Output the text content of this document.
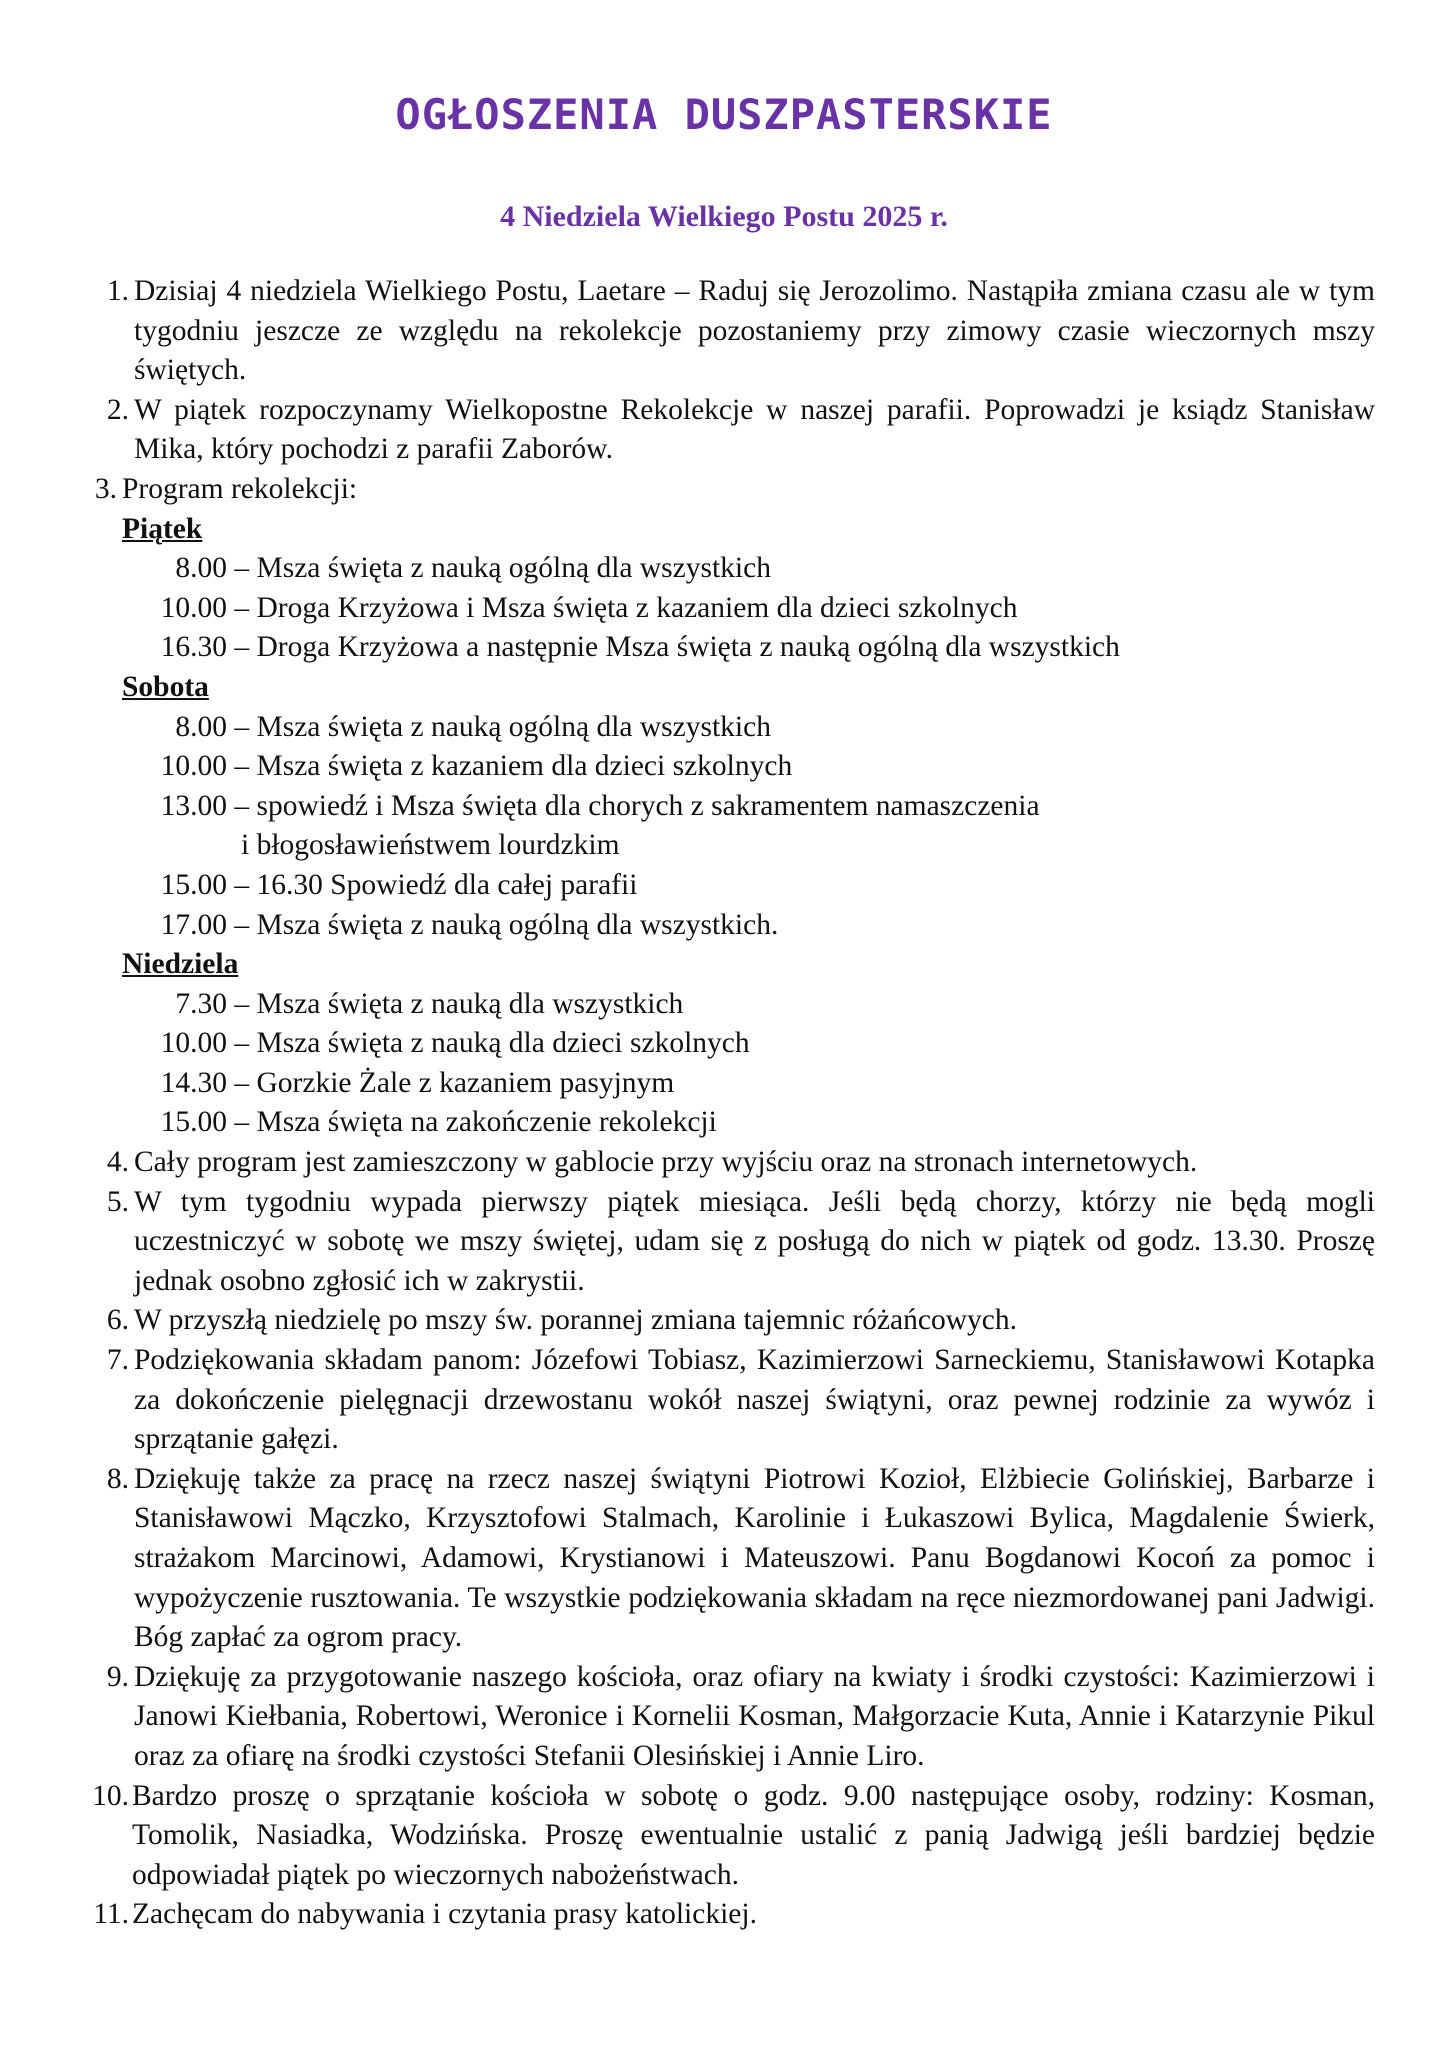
OGŁOSZENIA DUSZPASTERSKIE
4 Niedziela Wielkiego Postu 2025 r.
1. Dzisiaj 4 niedziela Wielkiego Postu, Laetare – Raduj się Jerozolimo. Nastąpiła zmiana czasu ale w tym tygodniu jeszcze ze względu na rekolekcje pozostaniemy przy zimowy czasie wieczornych mszy świętych.
2. W piątek rozpoczynamy Wielkopostne Rekolekcje w naszej parafii. Poprowadzi je ksiądz Stanisław Mika, który pochodzi z parafii Zaborów.
3. Program rekolekcji:
Piątek
8.00 – Msza święta z nauką ogólną dla wszystkich
10.00 – Droga Krzyżowa i Msza święta z kazaniem dla dzieci szkolnych
16.30 – Droga Krzyżowa a następnie Msza święta z nauką ogólną dla wszystkich
Sobota
8.00 – Msza święta z nauką ogólną dla wszystkich
10.00 – Msza święta z kazaniem dla dzieci szkolnych
13.00 – spowiedź i Msza święta dla chorych z sakramentem namaszczenia
i błogosławieństwem lourdzkim
15.00 – 16.30 Spowiedź dla całej parafii
17.00 – Msza święta z nauką ogólną dla wszystkich.
Niedziela
7.30 – Msza święta z nauką dla wszystkich
10.00 – Msza święta z nauką dla dzieci szkolnych
14.30 – Gorzkie Żale z kazaniem pasyjnym
15.00 – Msza święta na zakończenie rekolekcji
4. Cały program jest zamieszczony w gablocie przy wyjściu oraz na stronach internetowych.
5. W tym tygodniu wypada pierwszy piątek miesiąca. Jeśli będą chorzy, którzy nie będą mogli uczestniczyć w sobotę we mszy świętej, udam się z posługą do nich w piątek od godz. 13.30. Proszę jednak osobno zgłosić ich w zakrystii.
6. W przyszłą niedzielę po mszy św. porannej zmiana tajemnic różańcowych.
7. Podziękowania składam panom: Józefowi Tobiasz, Kazimierzowi Sarneckiemu, Stanisławowi Kotapka za dokończenie pielęgnacji drzewostanu wokół naszej świątyni, oraz pewnej rodzinie za wywóz i sprzątanie gałęzi.
8. Dziękuję także za pracę na rzecz naszej świątyni Piotrowi Kozioł, Elżbiecie Golińskiej, Barbarze i Stanisławowi Mączko, Krzysztofowi Stalmach, Karolinie i Łukaszowi Bylica, Magdalenie Świerk, strażakom Marcinowi, Adamowi, Krystianowi i Mateuszowi. Panu Bogdanowi Kocoń za pomoc i wypożyczenie rusztowania. Te wszystkie podziękowania składam na ręce niezmordowanej pani Jadwigi. Bóg zapłać za ogrom pracy.
9. Dziękuję za przygotowanie naszego kościoła, oraz ofiary na kwiaty i środki czystości: Kazimierzowi i Janowi Kiełbania, Robertowi, Weronice i Kornelii Kosman, Małgorzacie Kuta, Annie i Katarzynie Pikul oraz za ofiarę na środki czystości Stefanii Olesińskiej i Annie Liro.
10. Bardzo proszę o sprzątanie kościoła w sobotę o godz. 9.00 następujące osoby, rodziny: Kosman, Tomolik, Nasiadka, Wodzińska. Proszę ewentualnie ustalić z panią Jadwigą jeśli bardziej będzie odpowiadał piątek po wieczornych nabożeństwach.
11. Zachęcam do nabywania i czytania prasy katolickiej.
